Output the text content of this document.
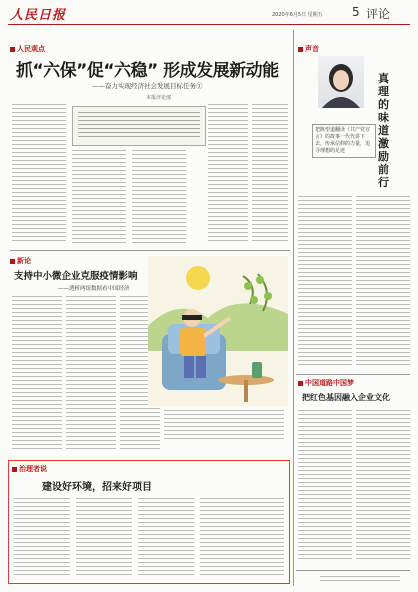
人民日报	2020年6月5日 星期五 5 评论
人民观点
抓“六保”促“六稳” 形成发展新动能
——奋力实现经济社会发展目标任务①
本报评论部
新论
支持中小微企业克服疫情影响
——透析两组数据看中国经济
治理者说
建设好环境，招来好项目
声音
真理的味道激励前行
把陈望道翻译《共产党宣言》的故事一代代讲下去，传承信仰的力量，追寻理想的足迹
中国道路中国梦
把红色基因融入企业文化
